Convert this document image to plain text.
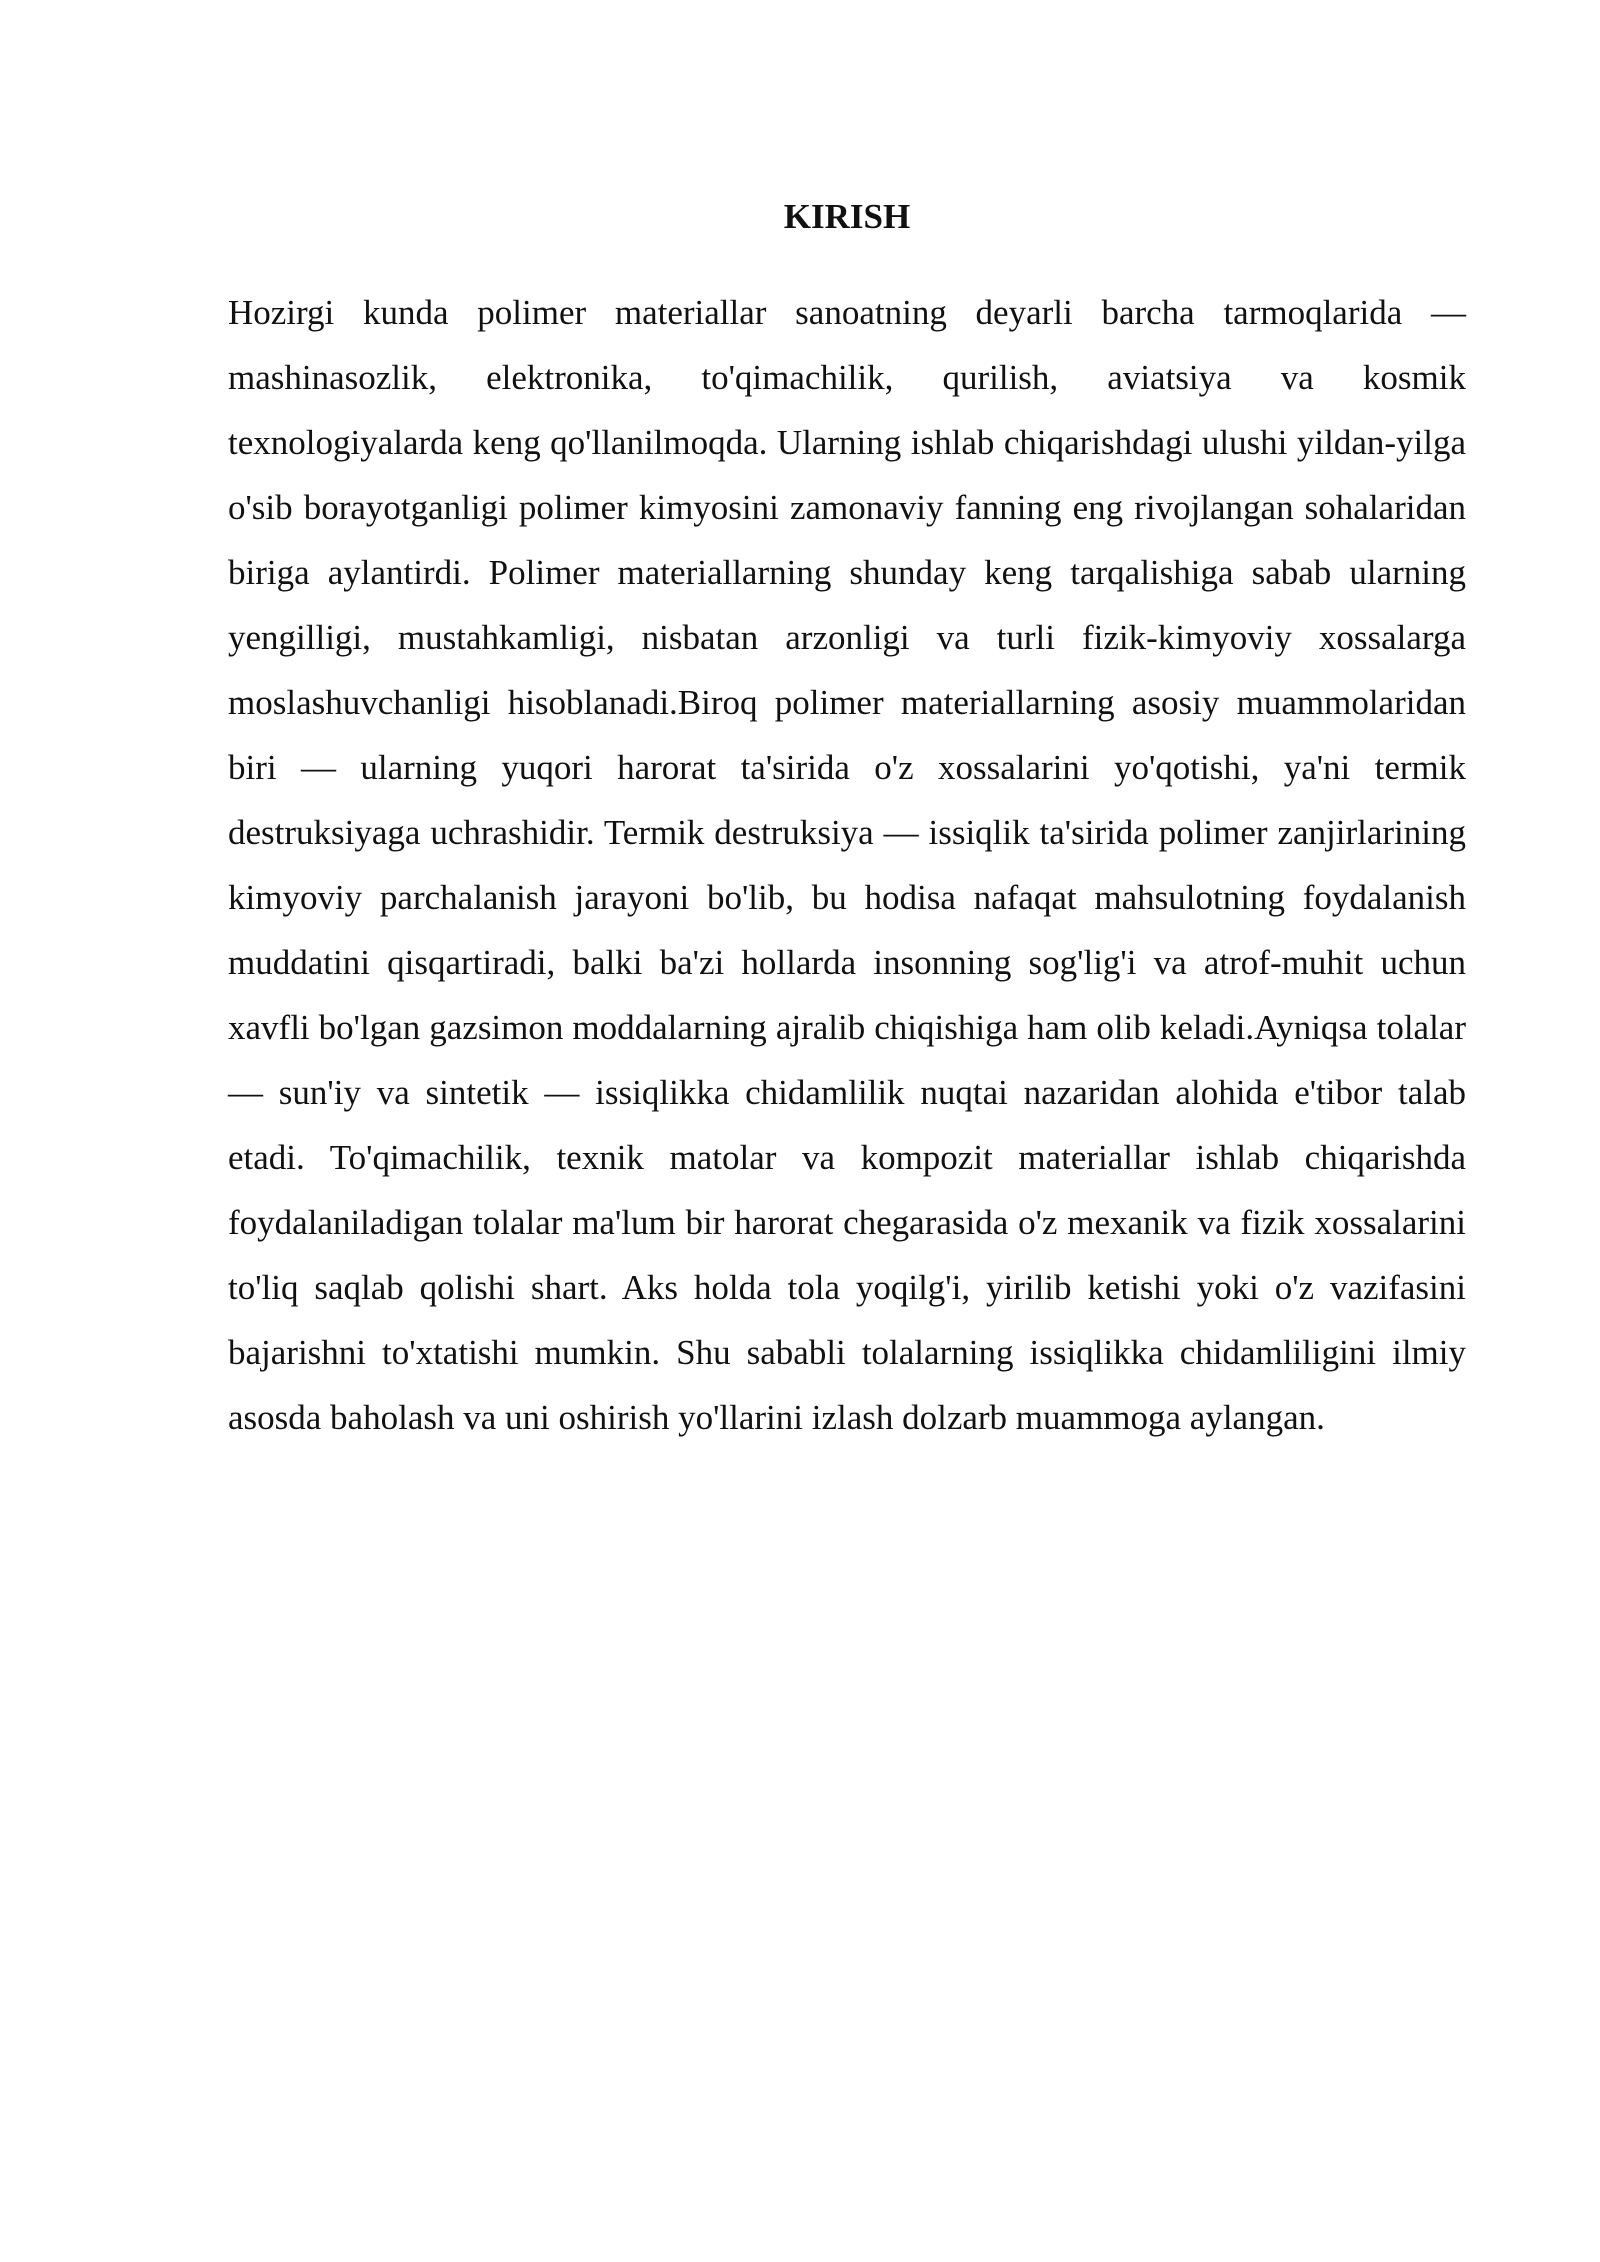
KIRISH

Hozirgi kunda polimer materiallar sanoatning deyarli barcha tarmoqlarida — mashinasozlik, elektronika, to'qimachilik, qurilish, aviatsiya va kosmik texnologiyalarda keng qo'llanilmoqda. Ularning ishlab chiqarishdagi ulushi yildan-yilga o'sib borayotganligi polimer kimyosini zamonaviy fanning eng rivojlangan sohalaridan biriga aylantirdi. Polimer materiallarning shunday keng tarqalishiga sabab ularning yengilligi, mustahkamligi, nisbatan arzonligi va turli fizik-kimyoviy xossalarga moslashuvchanligi hisoblanadi.Biroq polimer materiallarning asosiy muammolaridan biri — ularning yuqori harorat ta'sirida o'z xossalarini yo'qotishi, ya'ni termik destruksiyaga uchrashidir. Termik destruksiya — issiqlik ta'sirida polimer zanjirlarining kimyoviy parchalanish jarayoni bo'lib, bu hodisa nafaqat mahsulotning foydalanish muddatini qisqartiradi, balki ba'zi hollarda insonning sog'lig'i va atrof-muhit uchun xavfli bo'lgan gazsimon moddalarning ajralib chiqishiga ham olib keladi.Ayniqsa tolalar — sun'iy va sintetik — issiqlikka chidamlilik nuqtai nazaridan alohida e'tibor talab etadi. To'qimachilik, texnik matolar va kompozit materiallar ishlab chiqarishda foydalaniladigan tolalar ma'lum bir harorat chegarasida o'z mexanik va fizik xossalarini to'liq saqlab qolishi shart. Aks holda tola yoqilg'i, yirilib ketishi yoki o'z vazifasini bajarishni to'xtatishi mumkin. Shu sababli tolalarning issiqlikka chidamliligini ilmiy asosda baholash va uni oshirish yo'llarini izlash dolzarb muammoga aylangan.
